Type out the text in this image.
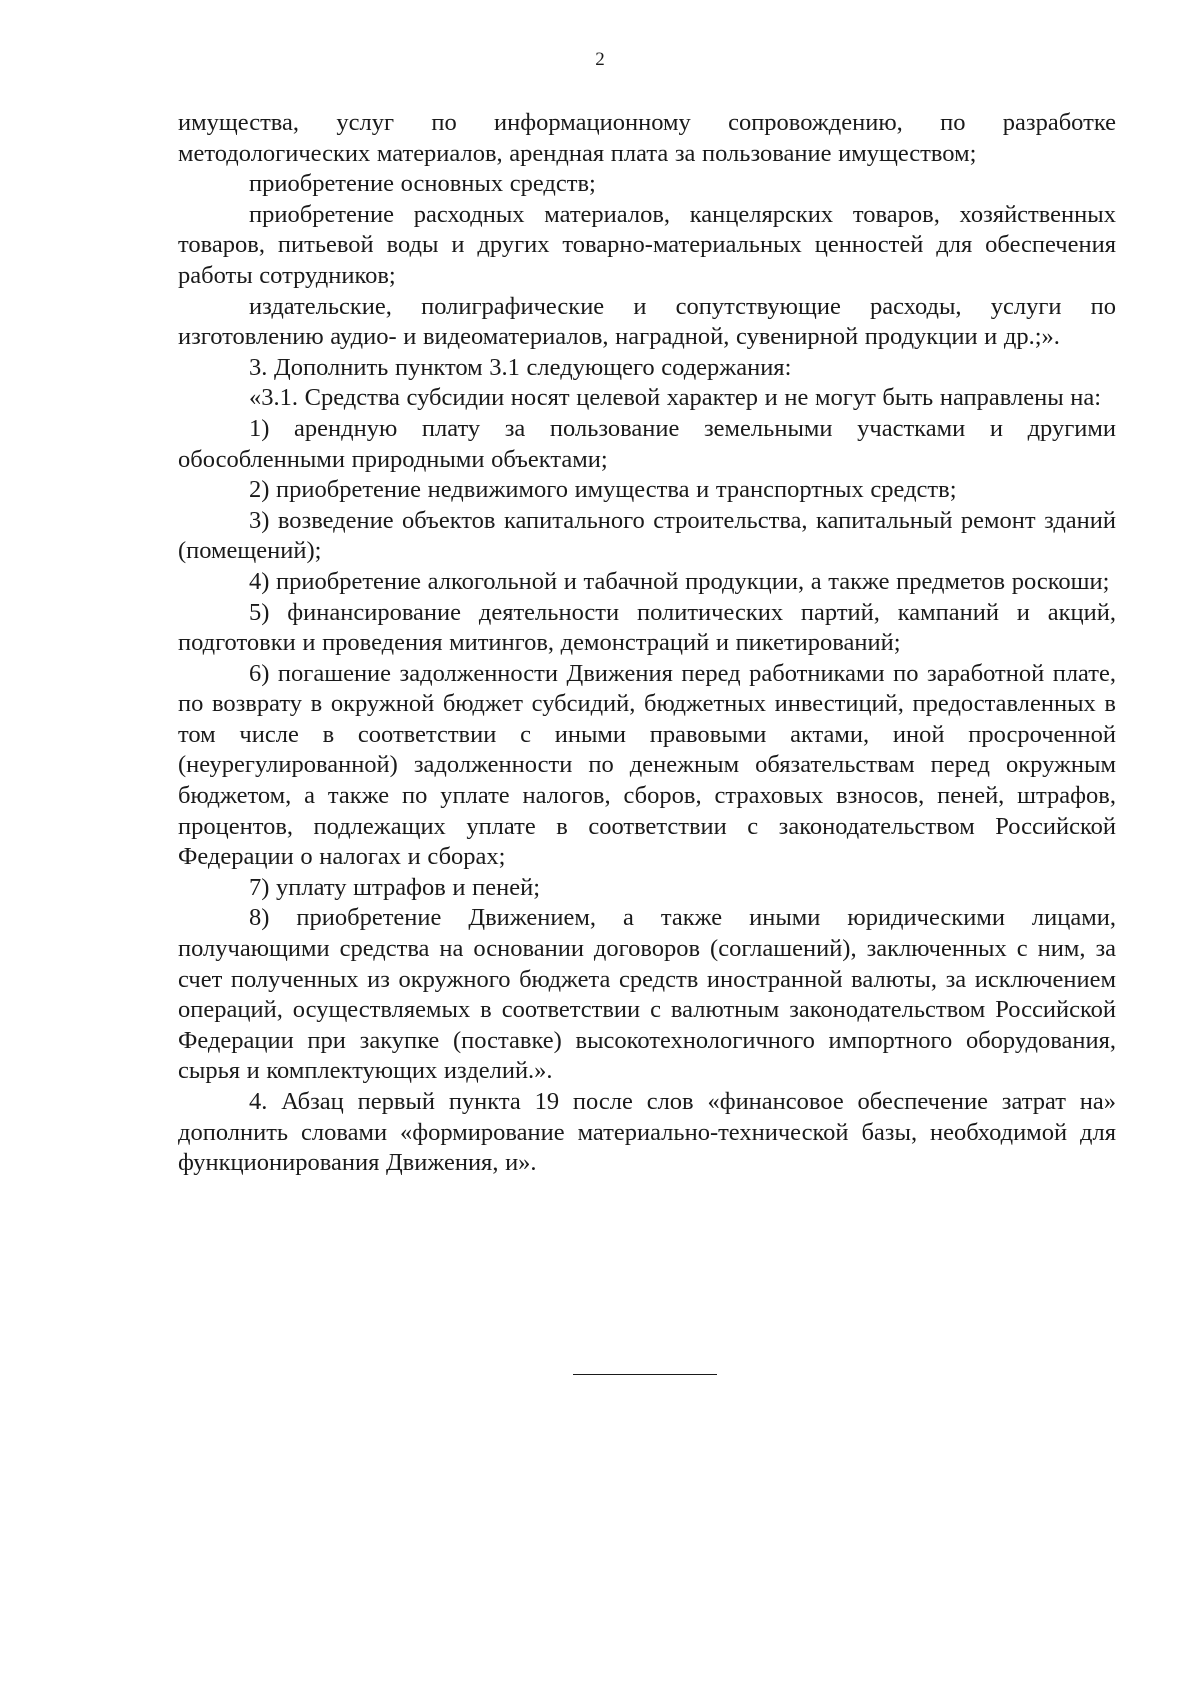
2

имущества, услуг по информационному сопровождению, по разработке методологических материалов, арендная плата за пользование имуществом;

приобретение основных средств;

приобретение расходных материалов, канцелярских товаров, хозяйственных товаров, питьевой воды и других товарно-материальных ценностей для обеспечения работы сотрудников;

издательские, полиграфические и сопутствующие расходы, услуги по изготовлению аудио- и видеоматериалов, наградной, сувенирной продукции и др.;».

3. Дополнить пунктом 3.1 следующего содержания:

«3.1. Средства субсидии носят целевой характер и не могут быть направлены на:

1) арендную плату за пользование земельными участками и другими обособленными природными объектами;

2) приобретение недвижимого имущества и транспортных средств;

3) возведение объектов капитального строительства, капитальный ремонт зданий (помещений);

4) приобретение алкогольной и табачной продукции, а также предметов роскоши;

5) финансирование деятельности политических партий, кампаний и акций, подготовки и проведения митингов, демонстраций и пикетирований;

6) погашение задолженности Движения перед работниками по заработной плате, по возврату в окружной бюджет субсидий, бюджетных инвестиций, предоставленных в том числе в соответствии с иными правовыми актами, иной просроченной (неурегулированной) задолженности по денежным обязательствам перед окружным бюджетом, а также по уплате налогов, сборов, страховых взносов, пеней, штрафов, процентов, подлежащих уплате в соответствии с законодательством Российской Федерации о налогах и сборах;

7) уплату штрафов и пеней;

8) приобретение Движением, а также иными юридическими лицами, получающими средства на основании договоров (соглашений), заключенных с ним, за счет полученных из окружного бюджета средств иностранной валюты, за исключением операций, осуществляемых в соответствии с валютным законодательством Российской Федерации при закупке (поставке) высокотехнологичного импортного оборудования, сырья и комплектующих изделий.».

4. Абзац первый пункта 19 после слов «финансовое обеспечение затрат на» дополнить словами «формирование материально-технической базы, необходимой для функционирования Движения, и».
